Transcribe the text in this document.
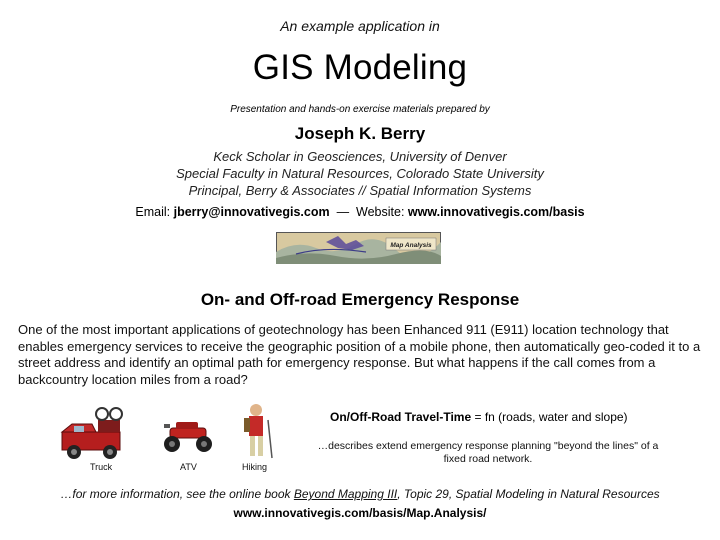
An example application in
GIS Modeling
Presentation and hands-on exercise materials prepared by
Joseph K. Berry
Keck Scholar in Geosciences, University of Denver
Special Faculty in Natural Resources, Colorado State University
Principal, Berry & Associates // Spatial Information Systems
Email: jberry@innovativegis.com — Website: www.innovativegis.com/basis
Map Analysis
On- and Off-road Emergency Response
One of the most important applications of geotechnology has been Enhanced 911 (E911) location technology that enables emergency services to receive the geographic position of a mobile phone, then automatically geo-coded it to a street address and identify an optimal path for emergency response. But what happens if the call comes from a backcountry location miles from a road?
Truck	ATV	Hiking
On/Off-Road Travel-Time = fn (roads, water and slope)
…describes extend emergency response planning "beyond the lines" of a fixed road network.
…for more information, see the online book Beyond Mapping III, Topic 29, Spatial Modeling in Natural Resources
www.innovativegis.com/basis/Map.Analysis/
